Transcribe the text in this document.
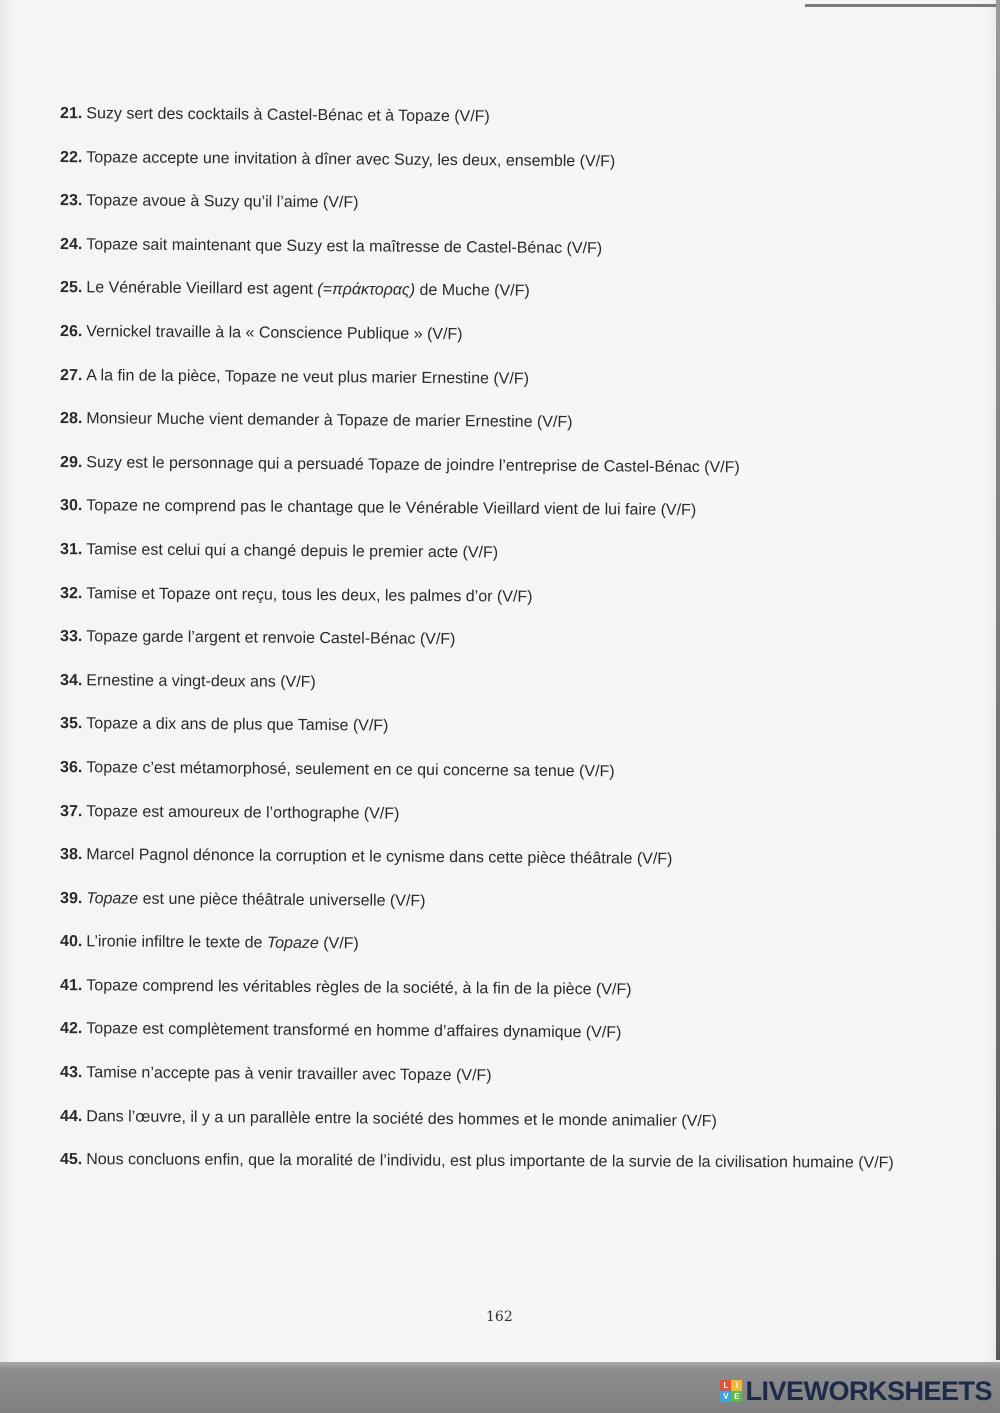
21. Suzy sert des cocktails à Castel-Bénac et à Topaze (V/F)
22. Topaze accepte une invitation à dîner avec Suzy, les deux, ensemble (V/F)
23. Topaze avoue à Suzy qu’il l’aime (V/F)
24. Topaze sait maintenant que Suzy est la maîtresse de Castel-Bénac (V/F)
25. Le Vénérable Vieillard est agent (=πράκτορας) de Muche (V/F)
26. Vernickel travaille à la « Conscience Publique » (V/F)
27. A la fin de la pièce, Topaze ne veut plus marier Ernestine (V/F)
28. Monsieur Muche vient demander à Topaze de marier Ernestine (V/F)
29. Suzy est le personnage qui a persuadé Topaze de joindre l’entreprise de Castel-Bénac (V/F)
30. Topaze ne comprend pas le chantage que le Vénérable Vieillard vient de lui faire (V/F)
31. Tamise est celui qui a changé depuis le premier acte (V/F)
32. Tamise et Topaze ont reçu, tous les deux, les palmes d’or (V/F)
33. Topaze garde l’argent et renvoie Castel-Bénac (V/F)
34. Ernestine a vingt-deux ans (V/F)
35. Topaze a dix ans de plus que Tamise (V/F)
36. Topaze c’est métamorphosé, seulement en ce qui concerne sa tenue (V/F)
37. Topaze est amoureux de l’orthographe (V/F)
38. Marcel Pagnol dénonce la corruption et le cynisme dans cette pièce théâtrale (V/F)
39. Topaze est une pièce théâtrale universelle (V/F)
40. L’ironie infiltre le texte de Topaze (V/F)
41. Topaze comprend les véritables règles de la société, à la fin de la pièce (V/F)
42. Topaze est complètement transformé en homme d’affaires dynamique (V/F)
43. Tamise n’accepte pas à venir travailler avec Topaze (V/F)
44. Dans l’œuvre, il y a un parallèle entre la société des hommes et le monde animalier (V/F)
45. Nous concluons enfin, que la moralité de l’individu, est plus importante de la survie de la civilisation humaine (V/F)
162
L I
V E LIVEWORKSHEETS
